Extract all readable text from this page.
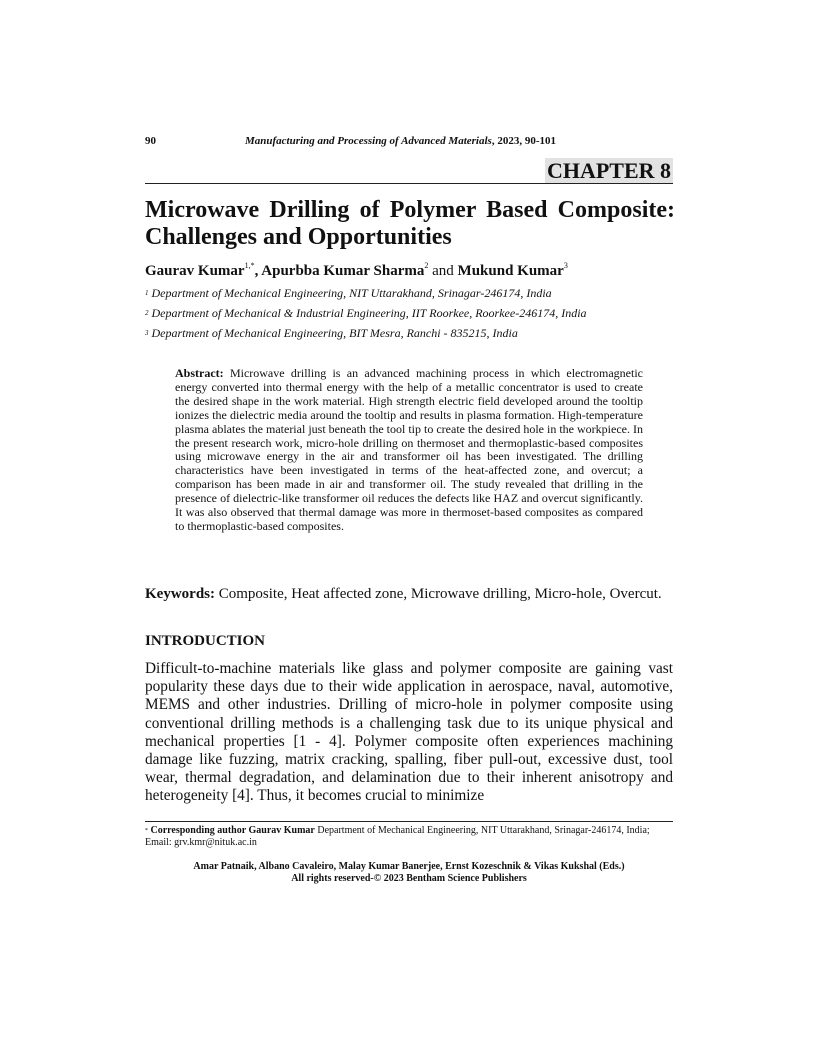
90	Manufacturing and Processing of Advanced Materials, 2023, 90-101
CHAPTER 8
Microwave Drilling of Polymer Based Composite: Challenges and Opportunities
Gaurav Kumar$^{1,*}$, Apurbba Kumar Sharma$^2$ and Mukund Kumar$^3$
$^1$ Department of Mechanical Engineering, NIT Uttarakhand, Srinagar-246174, India
$^2$ Department of Mechanical & Industrial Engineering, IIT Roorkee, Roorkee-246174, India
$^3$ Department of Mechanical Engineering, BIT Mesra, Ranchi - 835215, India
Abstract: Microwave drilling is an advanced machining process in which electromagnetic energy converted into thermal energy with the help of a metallic concentrator is used to create the desired shape in the work material. High strength electric field developed around the tooltip ionizes the dielectric media around the tooltip and results in plasma formation. High-temperature plasma ablates the material just beneath the tool tip to create the desired hole in the workpiece. In the present research work, micro-hole drilling on thermoset and thermoplastic-based composites using microwave energy in the air and transformer oil has been investigated. The drilling characteristics have been investigated in terms of the heat-affected zone, and overcut; a comparison has been made in air and transformer oil. The study revealed that drilling in the presence of dielectric-like transformer oil reduces the defects like HAZ and overcut significantly. It was also observed that thermal damage was more in thermoset-based composites as compared to thermoplastic-based composites.
Keywords: Composite, Heat affected zone, Microwave drilling, Micro-hole, Overcut.
INTRODUCTION
Difficult-to-machine materials like glass and polymer composite are gaining vast popularity these days due to their wide application in aerospace, naval, automotive, MEMS and other industries. Drilling of micro-hole in polymer composite using conventional drilling methods is a challenging task due to its unique physical and mechanical properties [1 - 4]. Polymer composite often experiences machining damage like fuzzing, matrix cracking, spalling, fiber pull-out, excessive dust, tool wear, thermal degradation, and delamination due to their inherent anisotropy and heterogeneity [4]. Thus, it becomes crucial to minimize
* Corresponding author Gaurav Kumar Department of Mechanical Engineering, NIT Uttarakhand, Srinagar-246174, India; Email: grv.kmr@nituk.ac.in
Amar Patnaik, Albano Cavaleiro, Malay Kumar Banerjee, Ernst Kozeschnik & Vikas Kukshal (Eds.)
All rights reserved-© 2023 Bentham Science Publishers
